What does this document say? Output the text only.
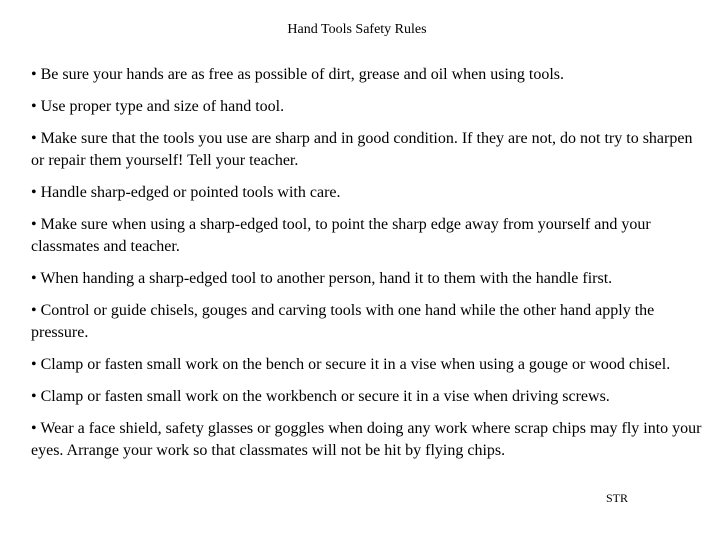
Hand Tools Safety Rules
• Be sure your hands are as free as possible of dirt, grease and oil when using tools.
• Use proper type and size of hand tool.
• Make sure that the tools you use are sharp and in good condition. If they are not, do not try to sharpen or repair them yourself! Tell your teacher.
• Handle sharp-edged or pointed tools with care.
• Make sure when using a sharp-edged tool, to point the sharp edge away from yourself and your classmates and teacher.
• When handing a sharp-edged tool to another person, hand it to them with the handle first.
• Control or guide chisels, gouges and carving tools with one hand while the other hand apply the pressure.
• Clamp or fasten small work on the bench or secure it in a vise when using a gouge or wood chisel.
• Clamp or fasten small work on the workbench or secure it in a vise when driving screws.
• Wear a face shield, safety glasses or goggles when doing any work where scrap chips may fly into your eyes. Arrange your work so that classmates will not be hit by flying chips.
STR
